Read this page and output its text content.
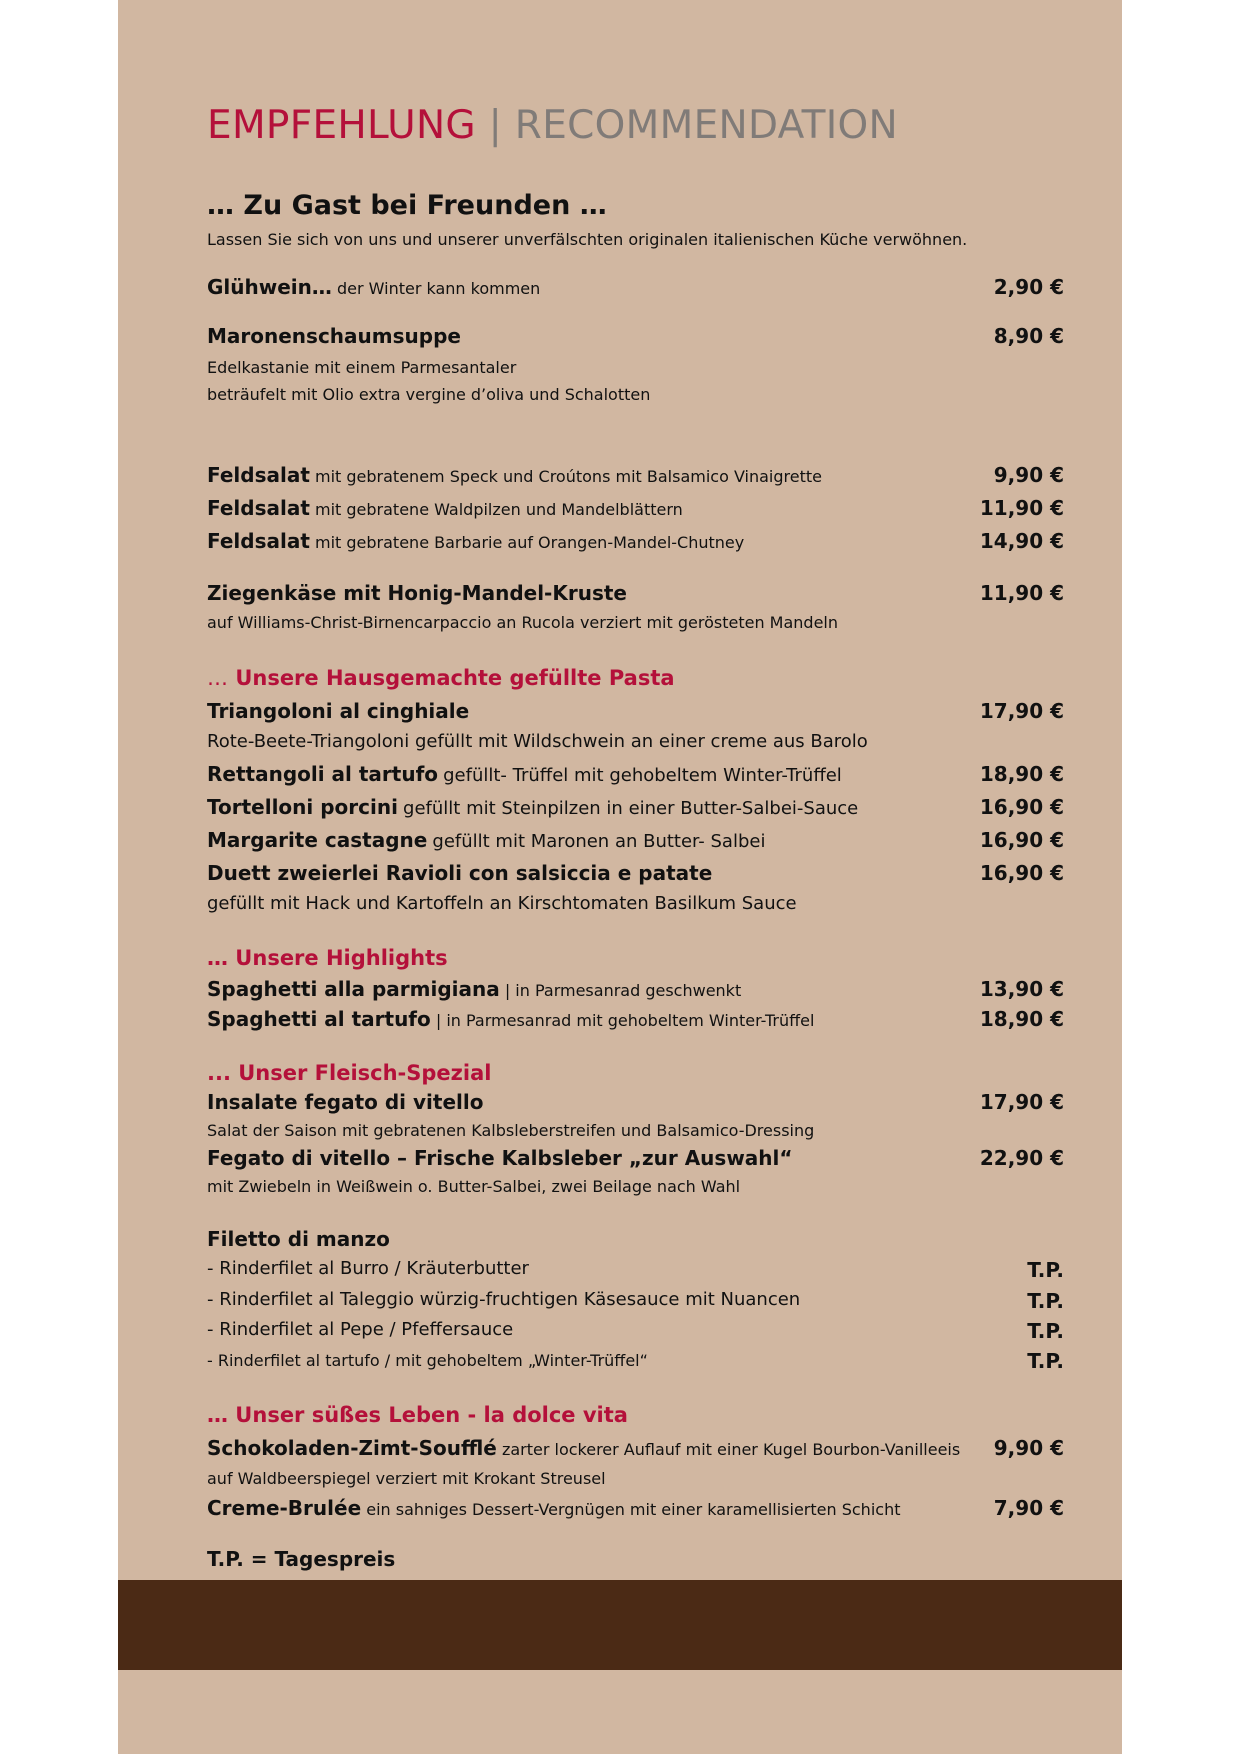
EMPFEHLUNG | RECOMMENDATION
… Zu Gast bei Freunden …
Lassen Sie sich von uns und unserer unverfälschten originalen italienischen Küche verwöhnen.
Glühwein… der Winter kann kommen	2,90 €
Maronenschaumsuppe	8,90 €
Edelkastanie mit einem Parmesantaler
beträufelt mit Olio extra vergine d’oliva und Schalotten
Feldsalat mit gebratenem Speck und Croútons mit Balsamico Vinaigrette	9,90 €
Feldsalat mit gebratene Waldpilzen und Mandelblättern	11,90 €
Feldsalat mit gebratene Barbarie auf Orangen-Mandel-Chutney	14,90 €
Ziegenkäse mit Honig-Mandel-Kruste	11,90 €
auf Williams-Christ-Birnencarpaccio an Rucola verziert mit gerösteten Mandeln
… Unsere Hausgemachte gefüllte Pasta
Triangoloni al cinghiale	17,90 €
Rote-Beete-Triangoloni gefüllt mit Wildschwein an einer creme aus Barolo
Rettangoli al tartufo gefüllt- Trüffel mit gehobeltem Winter-Trüffel	18,90 €
Tortelloni porcini gefüllt mit Steinpilzen in einer Butter-Salbei-Sauce	16,90 €
Margarite castagne gefüllt mit Maronen an Butter- Salbei	16,90 €
Duett zweierlei Ravioli con salsiccia e patate	16,90 €
gefüllt mit Hack und Kartoffeln an Kirschtomaten Basilkum Sauce
… Unsere Highlights
Spaghetti alla parmigiana | in Parmesanrad geschwenkt	13,90 €
Spaghetti al tartufo | in Parmesanrad mit gehobeltem Winter-Trüffel	18,90 €
... Unser Fleisch-Spezial
Insalate fegato di vitello	17,90 €
Salat der Saison mit gebratenen Kalbsleberstreifen und Balsamico-Dressing
Fegato di vitello – Frische Kalbsleber „zur Auswahl“	22,90 €
mit Zwiebeln in Weißwein o. Butter-Salbei, zwei Beilage nach Wahl
Filetto di manzo
- Rinderfilet al Burro / Kräuterbutter	T.P.
- Rinderfilet al Taleggio würzig-fruchtigen Käsesauce mit Nuancen	T.P.
- Rinderfilet al Pepe / Pfeffersauce	T.P.
- Rinderfilet al tartufo / mit gehobeltem „Winter-Trüffel“	T.P.
… Unser süßes Leben - la dolce vita
Schokoladen-Zimt-Soufflé zarter lockerer Auflauf mit einer Kugel Bourbon-Vanilleeis 9,90 €
auf Waldbeerspiegel verziert mit Krokant Streusel
Creme-Brulée ein sahniges Dessert-Vergnügen mit einer karamellisierten Schicht	7,90 €
T.P. = Tagespreis
